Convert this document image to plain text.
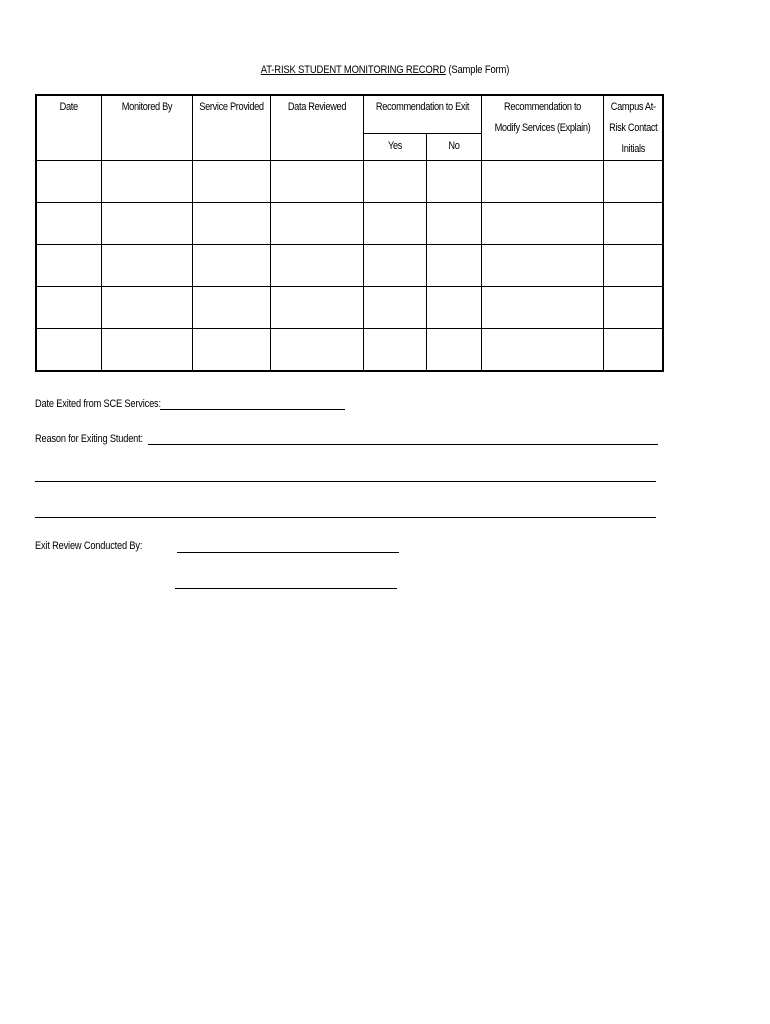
AT-RISK STUDENT MONITORING RECORD (Sample Form)
Date	Monitored By	Service Provided	Data Reviewed	Recommendation to Exit		Recommendation to Modify Services (Explain)	Campus At-Risk Contact Initials

				Yes	No		

Date Exited from SCE Services:
Reason for Exiting Student:
Exit Review Conducted By:
